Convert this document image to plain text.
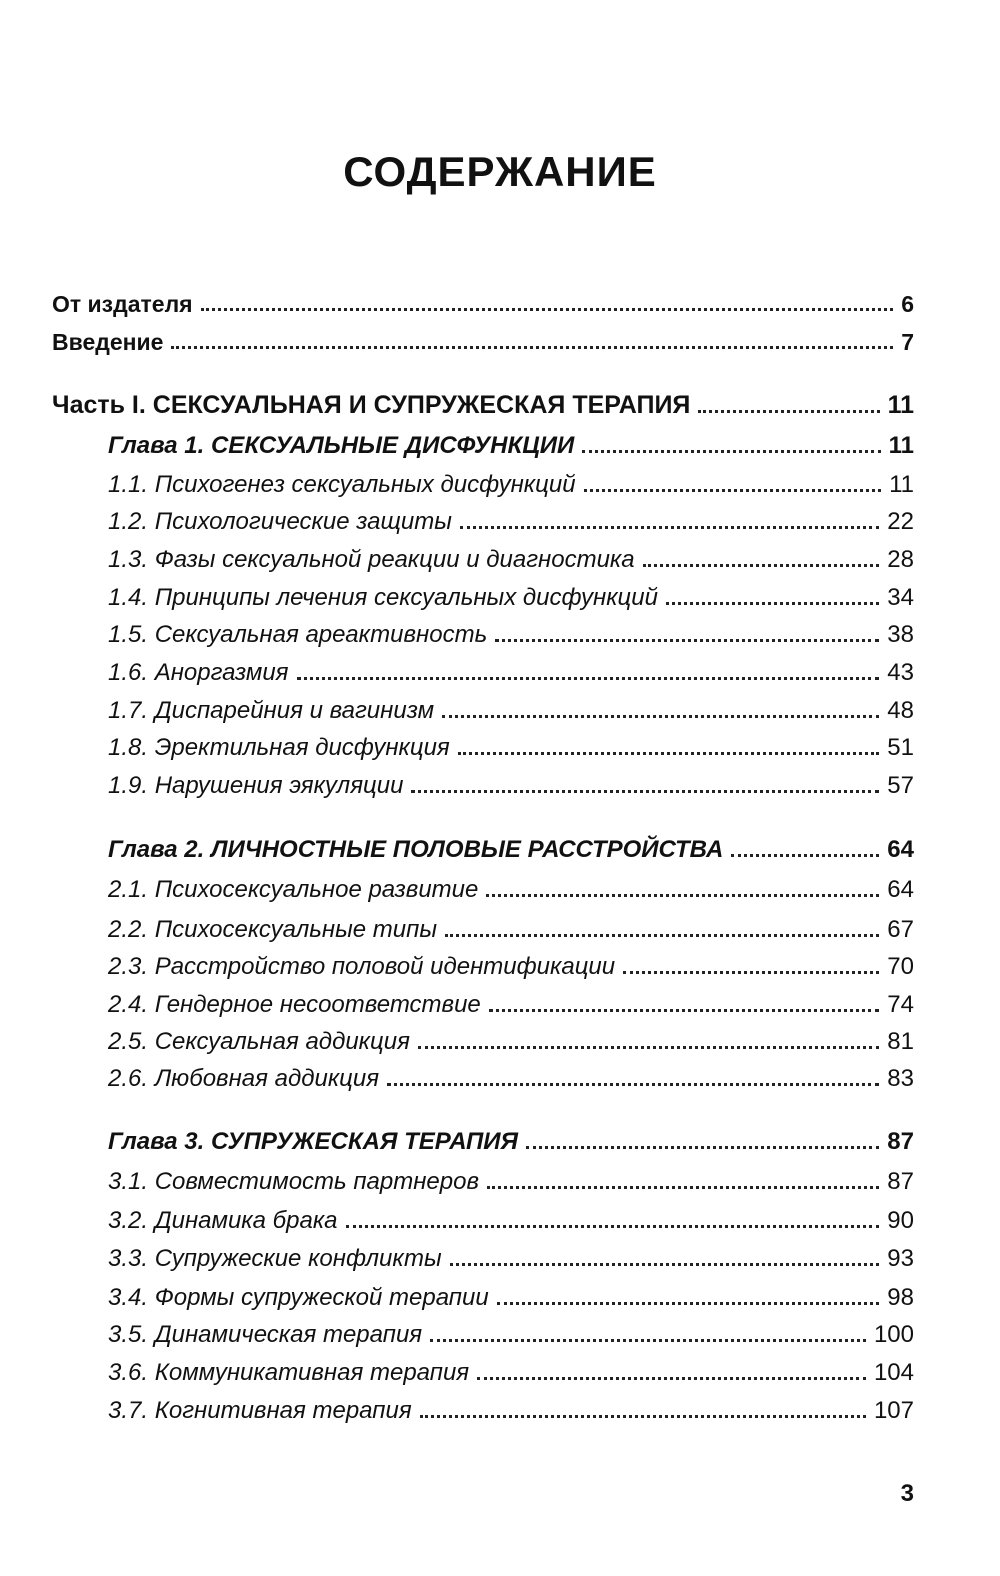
СОДЕРЖАНИЕ
От издателя	6
Введение	7
Часть I. СЕКСУАЛЬНАЯ И СУПРУЖЕСКАЯ ТЕРАПИЯ	11
Глава 1. СЕКСУАЛЬНЫЕ ДИСФУНКЦИИ	11
1.1. Психогенез сексуальных дисфункций	11
1.2. Психологические защиты	22
1.3. Фазы сексуальной реакции и диагностика	28
1.4. Принципы лечения сексуальных дисфункций	34
1.5. Сексуальная ареактивность	38
1.6. Аноргазмия	43
1.7. Диспарейния и вагинизм	48
1.8. Эректильная дисфункция	51
1.9. Нарушения эякуляции	57
Глава 2. ЛИЧНОСТНЫЕ ПОЛОВЫЕ РАССТРОЙСТВА	64
2.1. Психосексуальное развитие	64
2.2. Психосексуальные типы	67
2.3. Расстройство половой идентификации	70
2.4. Гендерное несоответствие	74
2.5. Сексуальная аддикция	81
2.6. Любовная аддикция	83
Глава 3. СУПРУЖЕСКАЯ ТЕРАПИЯ	87
3.1. Совместимость партнеров	87
3.2. Динамика брака	90
3.3. Супружеские конфликты	93
3.4. Формы супружеской терапии	98
3.5. Динамическая терапия	100
3.6. Коммуникативная терапия	104
3.7. Когнитивная терапия	107
3
